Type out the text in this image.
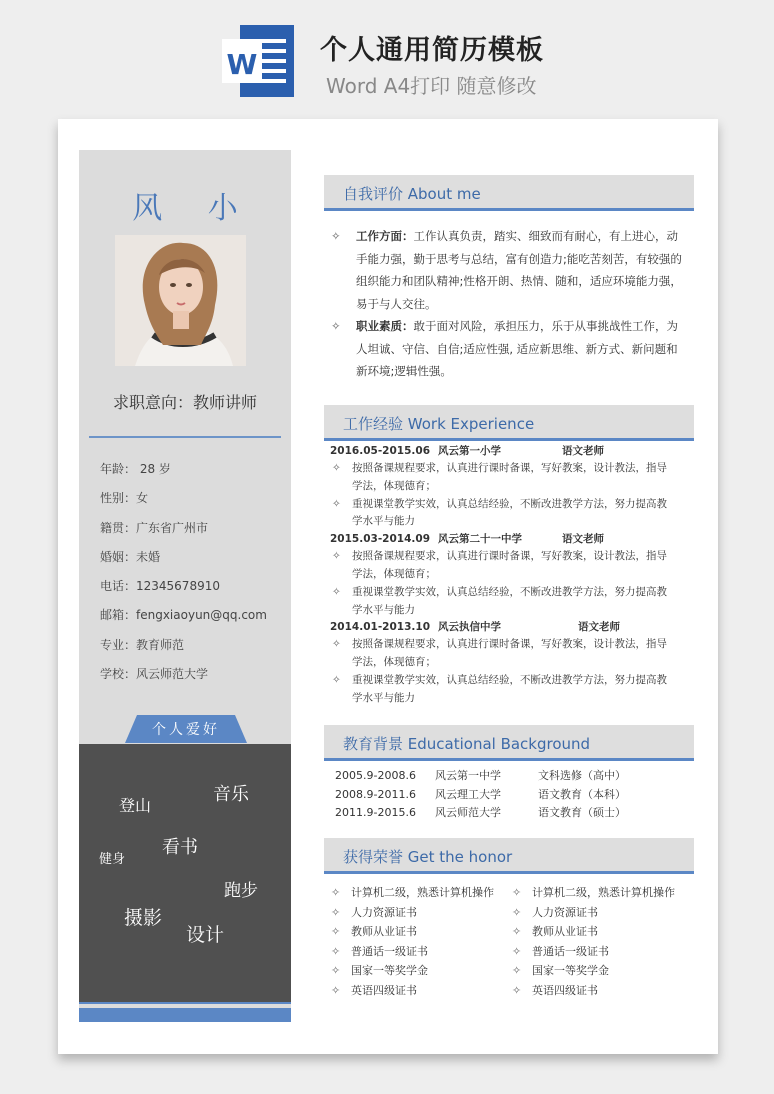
W 个人通用简历模板
Word A4打印 随意修改
风 小
求职意向：教师讲师
年龄： 28 岁
性别：女
籍贯：广东省广州市
婚姻：未婚
电话：12345678910
邮箱：fengxiaoyun@qq.com
专业：教育师范
学校：风云师范大学
个人爱好
登山
音乐
看书
健身
跑步
摄影
设计
自我评价 About me
✧ 工作方面：工作认真负责，踏实、细致而有耐心，有上进心，动
手能力强，勤于思考与总结，富有创造力;能吃苦刻苦，有较强的
组织能力和团队精神;性格开朗、热情、随和，适应环境能力强，
易于与人交往。
✧ 职业素质：敢于面对风险，承担压力，乐于从事挑战性工作，为
人坦诚、守信、自信;适应性强, 适应新思维、新方式、新问题和
新环境;逻辑性强。
工作经验 Work Experience
2016.05-2015.06 风云第一小学	语文老师
✧ 按照备课规程要求，认真进行课时备课，写好教案，设计教法，指导
学法，体现德育；
✧ 重视课堂教学实效，认真总结经验，不断改进教学方法，努力提高教
学水平与能力
2015.03-2014.09 风云第二十一中学	语文老师
✧ 按照备课规程要求，认真进行课时备课，写好教案，设计教法，指导
学法，体现德育；
✧ 重视课堂教学实效，认真总结经验，不断改进教学方法，努力提高教
学水平与能力
2014.01-2013.10 风云执信中学	语文老师
✧ 按照备课规程要求，认真进行课时备课，写好教案，设计教法，指导
学法，体现德育；
✧ 重视课堂教学实效，认真总结经验，不断改进教学方法，努力提高教
学水平与能力
教育背景 Educational Background
2005.9-2008.6 风云第一中学	文科选修（高中）
2008.9-2011.6 风云理工大学	语文教育（本科）
2011.9-2015.6 风云师范大学	语文教育（硕士）
获得荣誉 Get the honor
✧ 计算机二级，熟悉计算机操作
✧ 人力资源证书
✧ 教师从业证书
✧ 普通话一级证书
✧ 国家一等奖学金
✧ 英语四级证书
✧ 计算机二级，熟悉计算机操作
✧ 人力资源证书
✧ 教师从业证书
✧ 普通话一级证书
✧ 国家一等奖学金
✧ 英语四级证书
